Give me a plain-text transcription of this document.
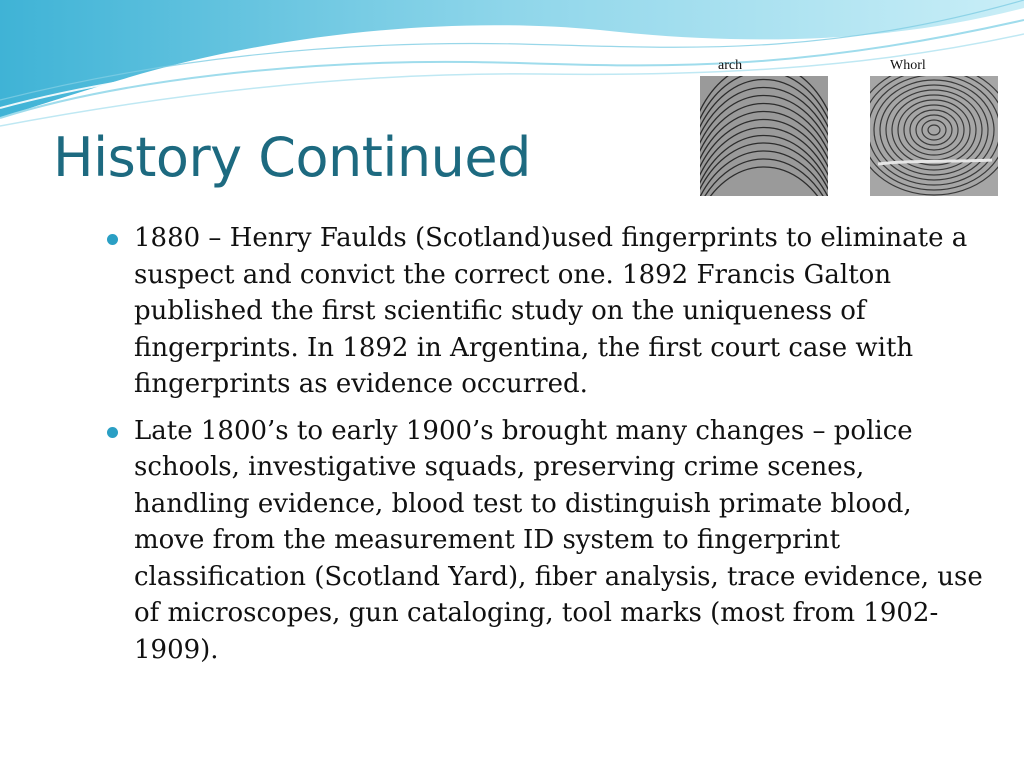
History Continued
arch	Whorl
1880 – Henry Faulds (Scotland)used fingerprints to eliminate a suspect and convict the correct one. 1892 Francis Galton published the first scientific study on the uniqueness of fingerprints. In 1892 in Argentina, the first court case with fingerprints as evidence occurred.
Late 1800’s to early 1900’s brought many changes – police schools, investigative squads, preserving crime scenes, handling evidence, blood test to distinguish primate blood, move from the measurement ID system to fingerprint classification (Scotland Yard), fiber analysis, trace evidence, use of microscopes, gun cataloging, tool marks (most from 1902-1909).
